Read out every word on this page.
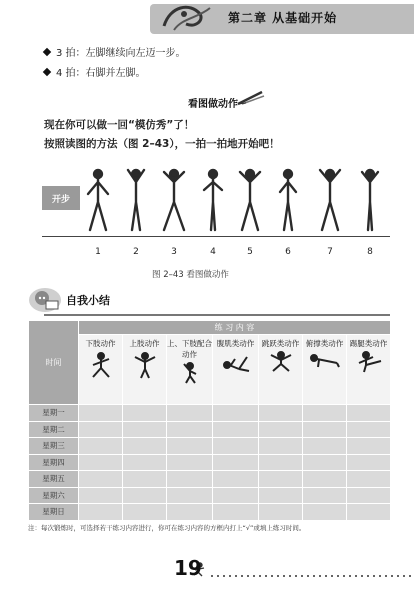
第二章 从基础开始
3 拍：左脚继续向左迈一步。
4 拍：右脚并左脚。
看图做动作
现在你可以做一回“模仿秀”了！
按照读图的方法（图 2–43），一拍一拍地开始吧！
开步
1	2	3	4	5	6	7	8
图 2–43 看图做动作
自我小结
时间	练 习 内 容						

	下肢动作	上肢动作	上、下肢配合动作	腹肌类动作	跳跃类动作	俯撑类动作	踢腿类动作

星期一							
星期二							
星期三							
星期四							
星期五							
星期六							
星期日							
注：每次锻炼时，可选择若干练习内容进行，你可在练习内容的方框内打上“√”或填上练习时间。
19
